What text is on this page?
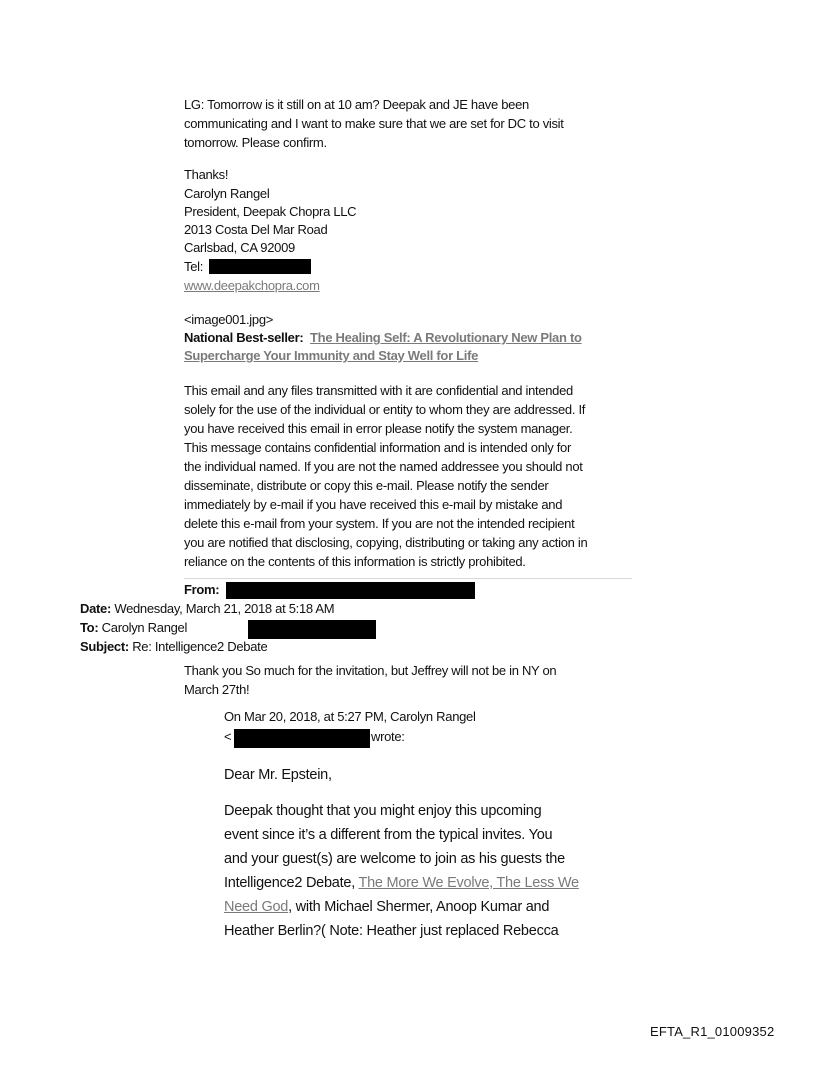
LG: Tomorrow is it still on at 10 am? Deepak and JE have been
communicating and I want to make sure that we are set for DC to visit
tomorrow. Please confirm.
Thanks!
Carolyn Rangel
President, Deepak Chopra LLC
2013 Costa Del Mar Road
Carlsbad, CA 92009
Tel:
www.deepakchopra.com
<image001.jpg>
National Best-seller: The Healing Self: A Revolutionary New Plan to
Supercharge Your Immunity and Stay Well for Life
This email and any files transmitted with it are confidential and intended
solely for the use of the individual or entity to whom they are addressed. If
you have received this email in error please notify the system manager.
This message contains confidential information and is intended only for
the individual named. If you are not the named addressee you should not
disseminate, distribute or copy this e-mail. Please notify the sender
immediately by e-mail if you have received this e-mail by mistake and
delete this e-mail from your system. If you are not the intended recipient
you are notified that disclosing, copying, distributing or taking any action in
reliance on the contents of this information is strictly prohibited.
From:
Date: Wednesday, March 21, 2018 at 5:18 AM
To: Carolyn Rangel
Subject: Re: Intelligence2 Debate
Thank you So much for the invitation, but Jeffrey will not be in NY on
March 27th!
On Mar 20, 2018, at 5:27 PM, Carolyn Rangel
<	wrote:
Dear Mr. Epstein,
Deepak thought that you might enjoy this upcoming
event since it’s a different from the typical invites. You
and your guest(s) are welcome to join as his guests the
Intelligence2 Debate, The More We Evolve, The Less We
Need God, with Michael Shermer, Anoop Kumar and
Heather Berlin?( Note: Heather just replaced Rebecca
EFTA_R1_01009352
